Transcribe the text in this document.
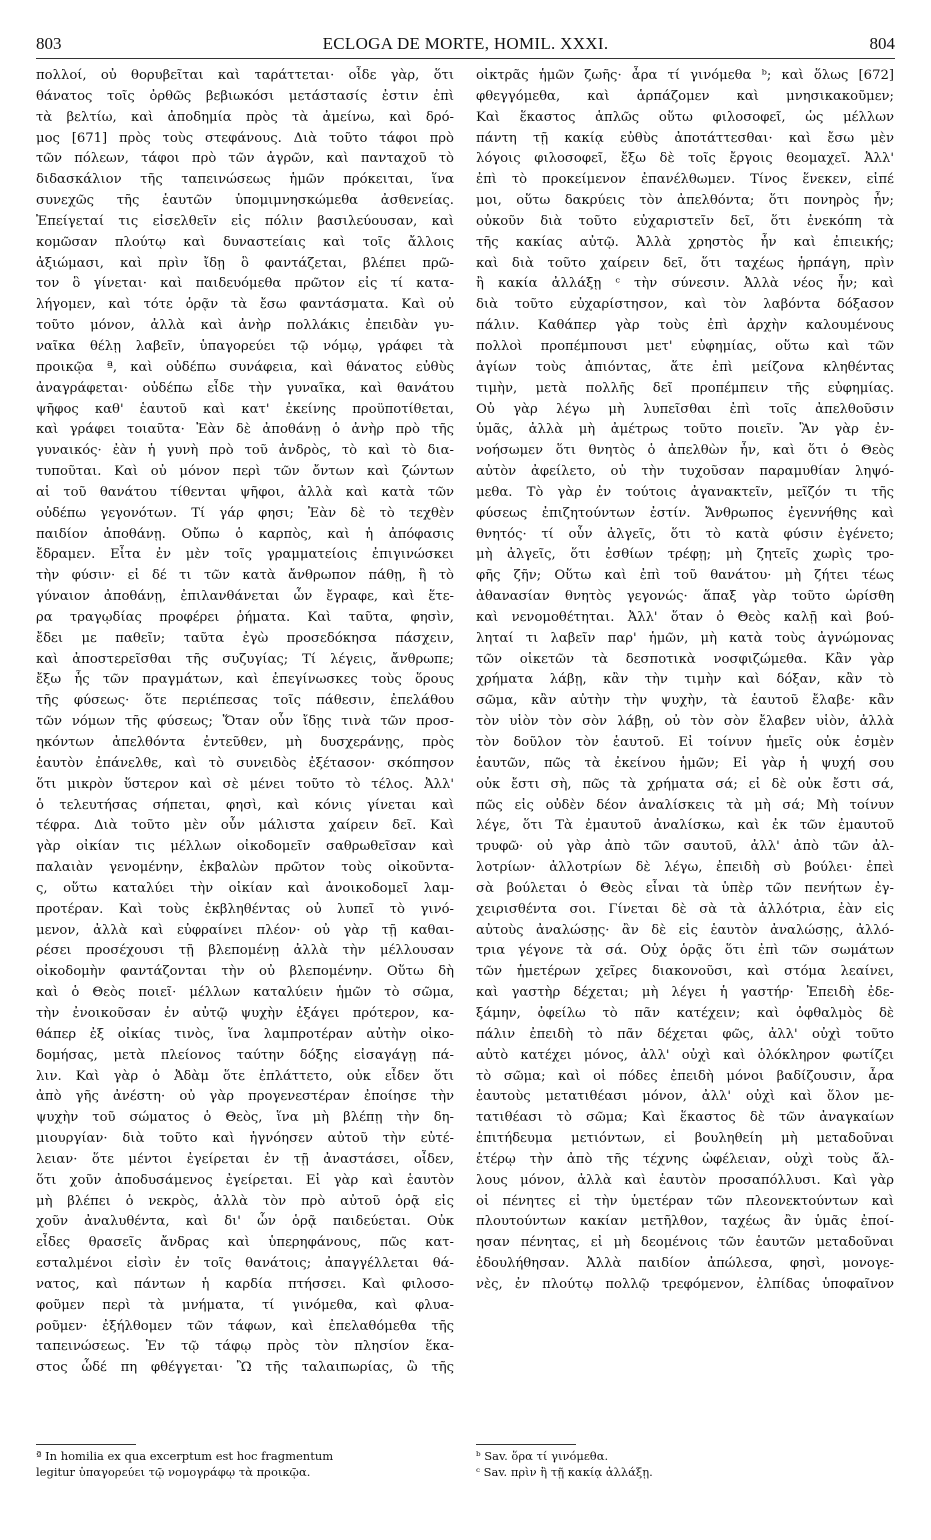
803	ECLOGA DE MORTE, HOMIL. XXXI.	804
πολλοί, οὐ θορυβεῖται καὶ ταράττεται· οἶδε γὰρ, ὅτι
θάνατος τοῖς ὀρθῶς βεβιωκόσι μετάστασίς ἐστιν ἐπὶ
τὰ βελτίω, καὶ ἀποδημία πρὸς τὰ ἀμείνω, καὶ δρό-
μος [671] πρὸς τοὺς στεφάνους. Διὰ τοῦτο τάφοι πρὸ
τῶν πόλεων, τάφοι πρὸ τῶν ἀγρῶν, καὶ πανταχοῦ τὸ
διδασκάλιον τῆς ταπεινώσεως ἡμῶν πρόκειται, ἵνα
συνεχῶς τῆς ἑαυτῶν ὑπομιμνησκώμεθα ἀσθενείας.
Ἐπείγεταί τις εἰσελθεῖν εἰς πόλιν βασιλεύουσαν, καὶ
κομῶσαν πλούτῳ καὶ δυναστείαις καὶ τοῖς ἄλλοις
ἀξιώμασι, καὶ πρὶν ἴδῃ ὃ φαντάζεται, βλέπει πρῶ-
τον ὃ γίνεται· καὶ παιδευόμεθα πρῶτον εἰς τί κατα-
λήγομεν, καὶ τότε ὁρᾷν τὰ ἔσω φαντάσματα. Καὶ οὐ
τοῦτο μόνον, ἀλλὰ καὶ ἀνὴρ πολλάκις ἐπειδὰν γυ-
ναῖκα θέλῃ λαβεῖν, ὑπαγορεύει τῷ νόμῳ, γράφει τὰ
προικῷα ª, καὶ οὐδέπω συνάφεια, καὶ θάνατος εὐθὺς
ἀναγράφεται· οὐδέπω εἶδε τὴν γυναῖκα, καὶ θανάτου
ψῆφος καθ' ἑαυτοῦ καὶ κατ' ἐκείνης προϋποτίθεται,
καὶ γράφει τοιαῦτα· Ἐὰν δὲ ἀποθάνῃ ὁ ἀνὴρ πρὸ τῆς
γυναικός· ἐὰν ἡ γυνὴ πρὸ τοῦ ἀνδρὸς, τὸ καὶ τὸ δια-
τυποῦται. Καὶ οὐ μόνον περὶ τῶν ὄντων καὶ ζώντων
αἱ τοῦ θανάτου τίθενται ψῆφοι, ἀλλὰ καὶ κατὰ τῶν
οὐδέπω γεγονότων. Τί γάρ φησι; Ἐὰν δὲ τὸ τεχθὲν
παιδίον ἀποθάνῃ. Οὔπω ὁ καρπὸς, καὶ ἡ ἀπόφασις
ἔδραμεν. Εἶτα ἐν μὲν τοῖς γραμματείοις ἐπιγινώσκει
τὴν φύσιν· εἰ δέ τι τῶν κατὰ ἄνθρωπον πάθῃ, ἢ τὸ
γύναιον ἀποθάνῃ, ἐπιλανθάνεται ὧν ἔγραφε, καὶ ἕτε-
ρα τραγῳδίας προφέρει ῥήματα. Καὶ ταῦτα, φησὶν,
ἔδει με παθεῖν; ταῦτα ἐγὼ προσεδόκησα πάσχειν,
καὶ ἀποστερεῖσθαι τῆς συζυγίας; Τί λέγεις, ἄνθρωπε;
ἔξω ἧς τῶν πραγμάτων, καὶ ἐπεγίνωσκες τοὺς ὅρους
τῆς φύσεως· ὅτε περιέπεσας τοῖς πάθεσιν, ἐπελάθου
τῶν νόμων τῆς φύσεως; Ὅταν οὖν ἴδῃς τινὰ τῶν προσ-
ηκόντων ἀπελθόντα ἐντεῦθεν, μὴ δυσχεράνῃς, πρὸς
ἑαυτὸν ἐπάνελθε, καὶ τὸ συνειδὸς ἐξέτασον· σκόπησον
ὅτι μικρὸν ὕστερον καὶ σὲ μένει τοῦτο τὸ τέλος. Ἀλλ'
ὁ τελευτήσας σήπεται, φησὶ, καὶ κόνις γίνεται καὶ
τέφρα. Διὰ τοῦτο μὲν οὖν μάλιστα χαίρειν δεῖ. Καὶ
γὰρ οἰκίαν τις μέλλων οἰκοδομεῖν σαθρωθεῖσαν καὶ
παλαιὰν γενομένην, ἐκβαλὼν πρῶτον τοὺς οἰκοῦντα-
ς, οὕτω καταλύει τὴν οἰκίαν καὶ ἀνοικοδομεῖ λαμ-
προτέραν. Καὶ τοὺς ἐκβληθέντας οὐ λυπεῖ τὸ γινό-
μενον, ἀλλὰ καὶ εὐφραίνει πλέον· οὐ γὰρ τῇ καθαι-
ρέσει προσέχουσι τῇ βλεπομένῃ ἀλλὰ τὴν μέλλουσαν
οἰκοδομὴν φαντάζονται τὴν οὐ βλεπομένην. Οὕτω δὴ
καὶ ὁ Θεὸς ποιεῖ· μέλλων καταλύειν ἡμῶν τὸ σῶμα,
τὴν ἐνοικοῦσαν ἐν αὐτῷ ψυχὴν ἐξάγει πρότερον, κα-
θάπερ ἐξ οἰκίας τινὸς, ἵνα λαμπροτέραν αὐτὴν οἰκο-
δομήσας, μετὰ πλείονος ταύτην δόξης εἰσαγάγῃ πά-
λιν. Καὶ γὰρ ὁ Ἀδὰμ ὅτε ἐπλάττετο, οὐκ εἶδεν ὅτι
ἀπὸ γῆς ἀνέστη· οὐ γὰρ προγενεστέραν ἐποίησε τὴν
ψυχὴν τοῦ σώματος ὁ Θεὸς, ἵνα μὴ βλέπῃ τὴν δη-
μιουργίαν· διὰ τοῦτο καὶ ἠγνόησεν αὐτοῦ τὴν εὐτέ-
λειαν· ὅτε μέντοι ἐγείρεται ἐν τῇ ἀναστάσει, οἶδεν,
ὅτι χοῦν ἀποδυσάμενος ἐγείρεται. Εἰ γὰρ καὶ ἑαυτὸν
μὴ βλέπει ὁ νεκρὸς, ἀλλὰ τὸν πρὸ αὐτοῦ ὁρᾷ εἰς
χοῦν ἀναλυθέντα, καὶ δι' ὧν ὁρᾷ παιδεύεται. Οὐκ
εἶδες θρασεῖς ἄνδρας καὶ ὑπερηφάνους, πῶς κατ-
εσταλμένοι εἰσὶν ἐν τοῖς θανάτοις; ἀπαγγέλλεται θά-
νατος, καὶ πάντων ἡ καρδία πτήσσει. Καὶ φιλοσο-
φοῦμεν περὶ τὰ μνήματα, τί γινόμεθα, καὶ φλυα-
ροῦμεν· ἐξήλθομεν τῶν τάφων, καὶ ἐπελαθόμεθα τῆς
ταπεινώσεως. Ἐν τῷ τάφῳ πρὸς τὸν πλησίον ἕκα-
στος ὧδέ πη φθέγγεται· Ὢ τῆς ταλαιπωρίας, ὢ τῆς
οἰκτρᾶς ἡμῶν ζωῆς· ἆρα τί γινόμεθα ᵇ; καὶ ὅλως [672]
φθεγγόμεθα, καὶ ἁρπάζομεν καὶ μνησικακοῦμεν;
Καὶ ἕκαστος ἁπλῶς οὕτω φιλοσοφεῖ, ὡς μέλλων
πάντη τῇ κακίᾳ εὐθὺς ἀποτάττεσθαι· καὶ ἔσω μὲν
λόγοις φιλοσοφεῖ, ἔξω δὲ τοῖς ἔργοις θεομαχεῖ. Ἀλλ'
ἐπὶ τὸ προκείμενον ἐπανέλθωμεν. Τίνος ἕνεκεν, εἰπέ
μοι, οὕτω δακρύεις τὸν ἀπελθόντα; ὅτι πονηρὸς ἦν;
οὐκοῦν διὰ τοῦτο εὐχαριστεῖν δεῖ, ὅτι ἐνεκόπη τὰ
τῆς κακίας αὐτῷ. Ἀλλὰ χρηστὸς ἦν καὶ ἐπιεικής;
καὶ διὰ τοῦτο χαίρειν δεῖ, ὅτι ταχέως ἡρπάγη, πρὶν
ἢ κακία ἀλλάξῃ ᶜ τὴν σύνεσιν. Ἀλλὰ νέος ἦν; καὶ
διὰ τοῦτο εὐχαρίστησον, καὶ τὸν λαβόντα δόξασον
πάλιν. Καθάπερ γὰρ τοὺς ἐπὶ ἀρχὴν καλουμένους
πολλοὶ προπέμπουσι μετ' εὐφημίας, οὕτω καὶ τῶν
ἁγίων τοὺς ἀπιόντας, ἅτε ἐπὶ μείζονα κληθέντας
τιμὴν, μετὰ πολλῆς δεῖ προπέμπειν τῆς εὐφημίας.
Οὐ γὰρ λέγω μὴ λυπεῖσθαι ἐπὶ τοῖς ἀπελθοῦσιν
ὑμᾶς, ἀλλὰ μὴ ἀμέτρως τοῦτο ποιεῖν. Ἂν γὰρ ἐν-
νοήσωμεν ὅτι θνητὸς ὁ ἀπελθὼν ἦν, καὶ ὅτι ὁ Θεὸς
αὐτὸν ἀφείλετο, οὐ τὴν τυχοῦσαν παραμυθίαν ληψό-
μεθα. Τὸ γὰρ ἐν τούτοις ἀγανακτεῖν, μεῖζόν τι τῆς
φύσεως ἐπιζητούντων ἐστίν. Ἄνθρωπος ἐγεννήθης καὶ
θνητός· τί οὖν ἀλγεῖς, ὅτι τὸ κατὰ φύσιν ἐγένετο;
μὴ ἀλγεῖς, ὅτι ἐσθίων τρέφῃ; μὴ ζητεῖς χωρὶς τρο-
φῆς ζῆν; Οὕτω καὶ ἐπὶ τοῦ θανάτου· μὴ ζήτει τέως
ἀθανασίαν θνητὸς γεγονώς· ἅπαξ γὰρ τοῦτο ὡρίσθη
καὶ νενομοθέτηται. Ἀλλ' ὅταν ὁ Θεὸς καλῇ καὶ βού-
ληταί τι λαβεῖν παρ' ἡμῶν, μὴ κατὰ τοὺς ἀγνώμονας
τῶν οἰκετῶν τὰ δεσποτικὰ νοσφιζώμεθα. Κἂν γὰρ
χρήματα λάβῃ, κἂν τὴν τιμὴν καὶ δόξαν, κἂν τὸ
σῶμα, κἂν αὐτὴν τὴν ψυχὴν, τὰ ἑαυτοῦ ἔλαβε· κἂν
τὸν υἱὸν τὸν σὸν λάβῃ, οὐ τὸν σὸν ἔλαβεν υἱὸν, ἀλλὰ
τὸν δοῦλον τὸν ἑαυτοῦ. Εἰ τοίνυν ἡμεῖς οὐκ ἐσμὲν
ἑαυτῶν, πῶς τὰ ἐκείνου ἡμῶν; Εἰ γὰρ ἡ ψυχή σου
οὐκ ἔστι σὴ, πῶς τὰ χρήματα σά; εἰ δὲ οὐκ ἔστι σά,
πῶς εἰς οὐδὲν δέον ἀναλίσκεις τὰ μὴ σά; Μὴ τοίνυν
λέγε, ὅτι Τὰ ἐμαυτοῦ ἀναλίσκω, καὶ ἐκ τῶν ἐμαυτοῦ
τρυφῶ· οὐ γὰρ ἀπὸ τῶν σαυτοῦ, ἀλλ' ἀπὸ τῶν ἀλ-
λοτρίων· ἀλλοτρίων δὲ λέγω, ἐπειδὴ σὺ βούλει· ἐπεὶ
σὰ βούλεται ὁ Θεὸς εἶναι τὰ ὑπὲρ τῶν πενήτων ἐγ-
χειρισθέντα σοι. Γίνεται δὲ σὰ τὰ ἀλλότρια, ἐὰν εἰς
αὐτοὺς ἀναλώσῃς· ἂν δὲ εἰς ἑαυτὸν ἀναλώσῃς, ἀλλό-
τρια γέγονε τὰ σά. Οὐχ ὁρᾷς ὅτι ἐπὶ τῶν σωμάτων
τῶν ἡμετέρων χεῖρες διακονοῦσι, καὶ στόμα λεαίνει,
καὶ γαστὴρ δέχεται; μὴ λέγει ἡ γαστήρ· Ἐπειδὴ ἐδε-
ξάμην, ὀφείλω τὸ πᾶν κατέχειν; καὶ ὀφθαλμὸς δὲ
πάλιν ἐπειδὴ τὸ πᾶν δέχεται φῶς, ἀλλ' οὐχὶ τοῦτο
αὐτὸ κατέχει μόνος, ἀλλ' οὐχὶ καὶ ὁλόκληρον φωτίζει
τὸ σῶμα; καὶ οἱ πόδες ἐπειδὴ μόνοι βαδίζουσιν, ἆρα
ἑαυτοὺς μετατιθέασι μόνον, ἀλλ' οὐχὶ καὶ ὅλον με-
τατιθέασι τὸ σῶμα; Καὶ ἕκαστος δὲ τῶν ἀναγκαίων
ἐπιτήδευμα μετιόντων, εἰ βουληθείη μὴ μεταδοῦναι
ἑτέρῳ τὴν ἀπὸ τῆς τέχνης ὠφέλειαν, οὐχὶ τοὺς ἄλ-
λους μόνον, ἀλλὰ καὶ ἑαυτὸν προσαπόλλυσι. Καὶ γὰρ
οἱ πένητες εἰ τὴν ὑμετέραν τῶν πλεονεκτούντων καὶ
πλουτούντων κακίαν μετῆλθον, ταχέως ἂν ὑμᾶς ἐποί-
ησαν πένητας, εἰ μὴ δεομένοις τῶν ἑαυτῶν μεταδοῦναι
ἐδουλήθησαν. Ἀλλὰ παιδίον ἀπώλεσα, φησὶ, μονογε-
νὲς, ἐν πλούτῳ πολλῷ τρεφόμενον, ἐλπίδας ὑποφαῖνον
ª In homilia ex qua excerptum est hoc fragmentum
legitur ὑπαγορεύει τῷ νομογράφῳ τὰ προικῷα.
ᵇ Sav. ὅρα τί γινόμεθα.
ᶜ Sav. πρὶν ἢ τῇ κακίᾳ ἀλλάξῃ.
